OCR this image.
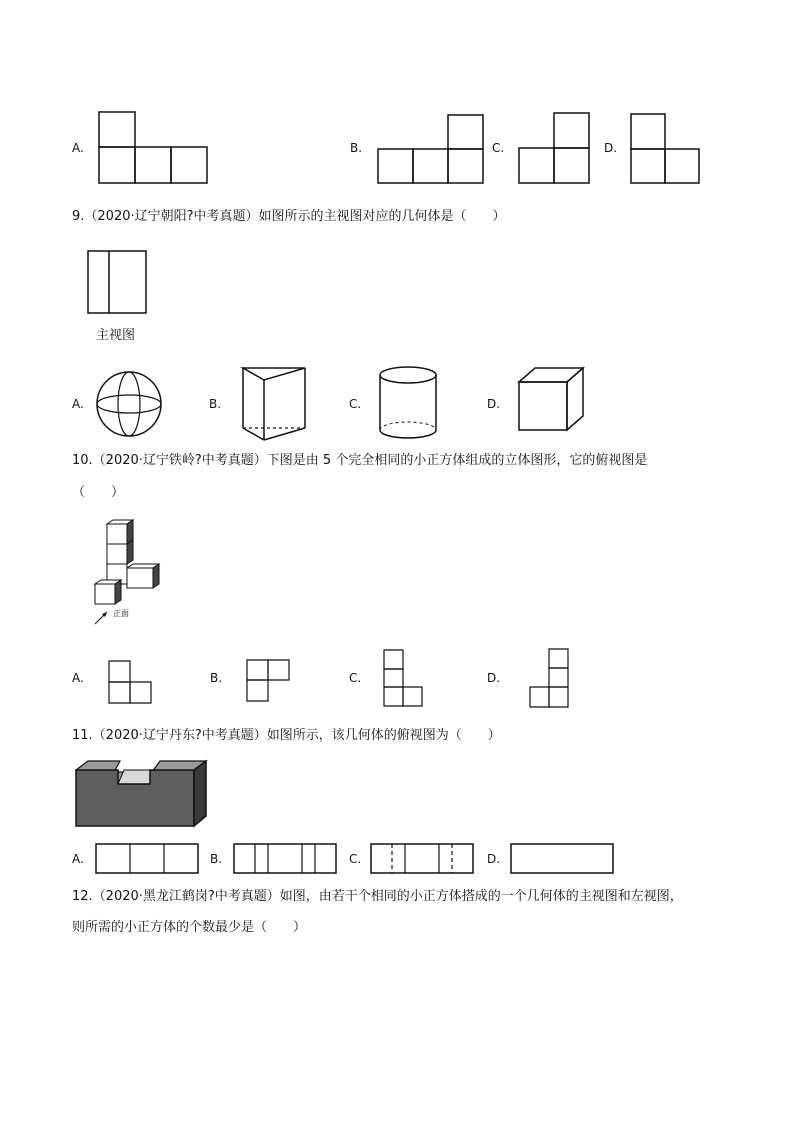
A.	B.	C.	D.
9.（2020·辽宁朝阳?中考真题）如图所示的主视图对应的几何体是（　　）
主视图
A.	B.	C.	D.
10.（2020·辽宁铁岭?中考真题）下图是由 5 个完全相同的小正方体组成的立体图形，它的俯视图是
（　　）
正面
A.	B.	C.	D.
11.（2020·辽宁丹东?中考真题）如图所示，该几何体的俯视图为（　　）
A.	B.	C.	D.
12.（2020·黑龙江鹤岗?中考真题）如图，由若干个相同的小正方体搭成的一个几何体的主视图和左视图，
则所需的小正方体的个数最少是（　　）
